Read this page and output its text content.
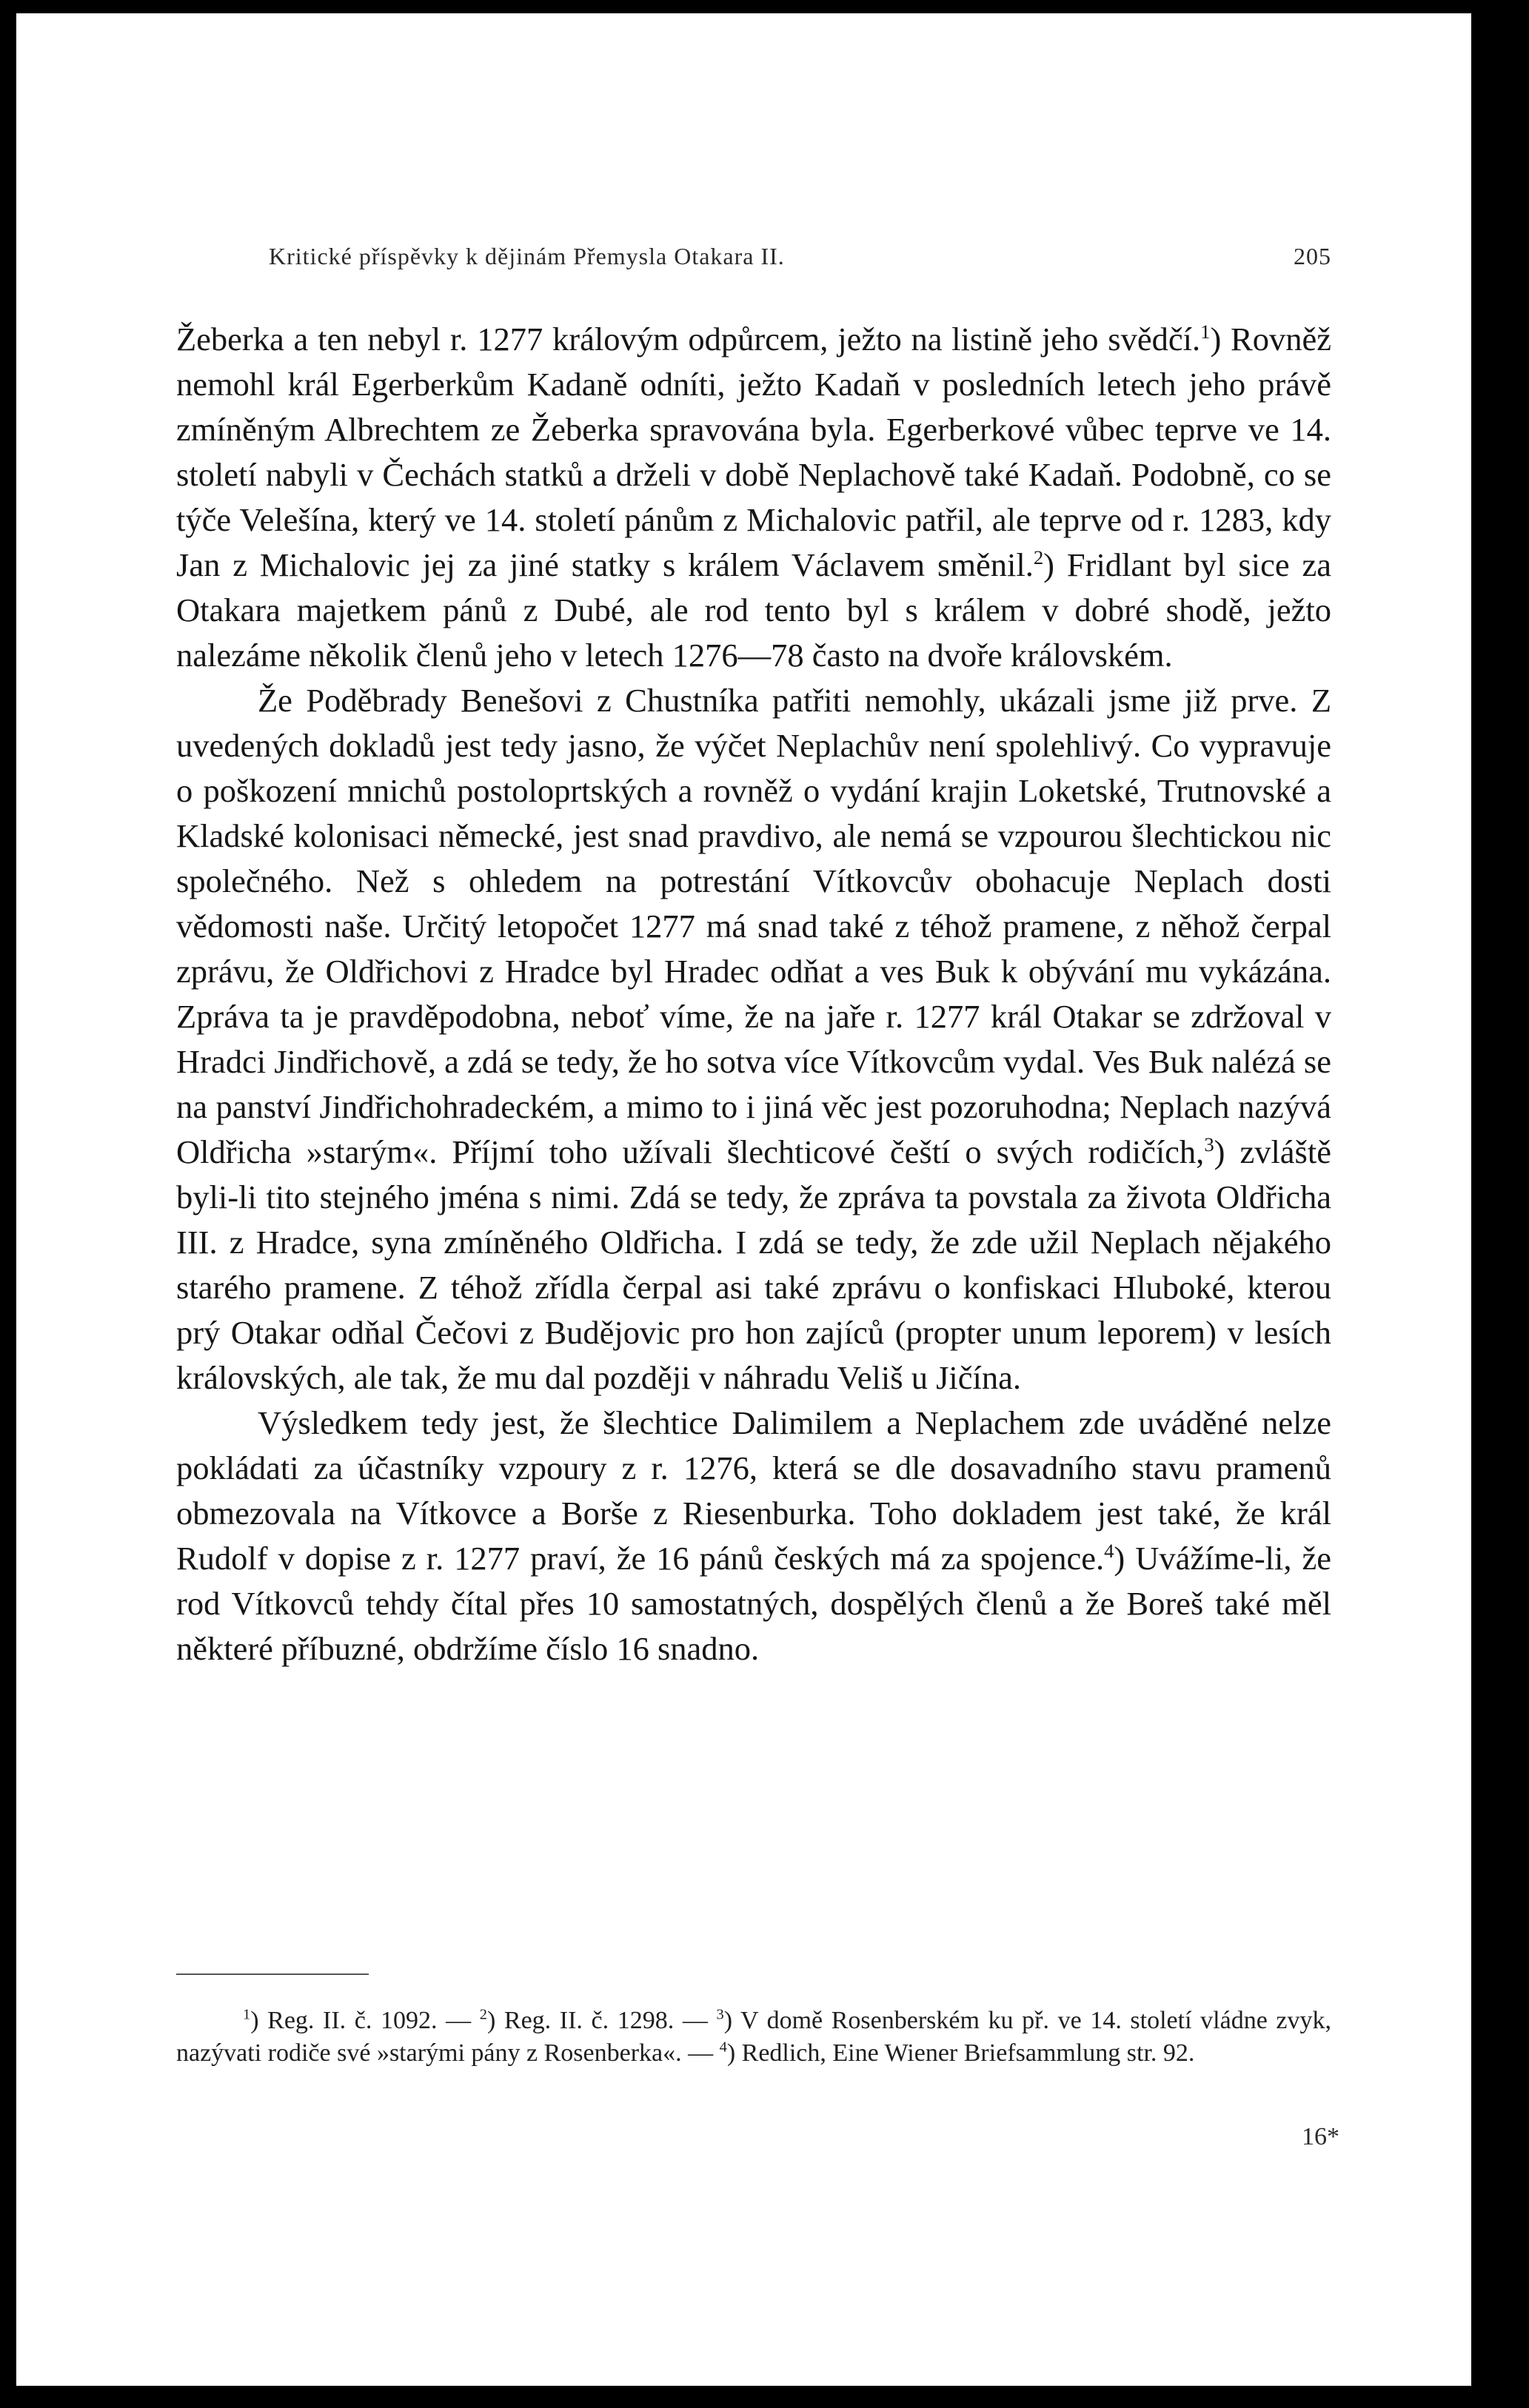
Kritické příspěvky k dějinám Přemysla Otakara II.	205

Žeberka a ten nebyl r. 1277 královým odpůrcem, ježto na listině jeho svědčí.$^1$) Rovněž nemohl král Egerberkům Kadaně odníti, ježto Kadaň v posledních letech jeho právě zmíněným Albrechtem ze Žeberka spravována byla. Egerberkové vůbec teprve ve 14. století nabyli v Čechách statků a drželi v době Neplachově také Kadaň. Podobně, co se týče Velešína, který ve 14. století pánům z Michalovic patřil, ale teprve od r. 1283, kdy Jan z Michalovic jej za jiné statky s králem Václavem směnil.$^2$) Fridlant byl sice za Otakara majetkem pánů z Dubé, ale rod tento byl s králem v dobré shodě, ježto nalezáme několik členů jeho v letech 1276—78 často na dvoře královském.

Že Poděbrady Benešovi z Chustníka patřiti nemohly, ukázali jsme již prve. Z uvedených dokladů jest tedy jasno, že výčet Neplachův není spolehlivý. Co vypravuje o poškození mnichů postoloprtských a rovněž o vydání krajin Loketské, Trutnovské a Kladské kolonisaci německé, jest snad pravdivo, ale nemá se vzpourou šlechtickou nic společného. Než s ohledem na potrestání Vítkovcův obohacuje Neplach dosti vědomosti naše. Určitý letopočet 1277 má snad také z téhož pramene, z něhož čerpal zprávu, že Oldřichovi z Hradce byl Hradec odňat a ves Buk k obývání mu vykázána. Zpráva ta je pravděpodobna, neboť víme, že na jaře r. 1277 král Otakar se zdržoval v Hradci Jindřichově, a zdá se tedy, že ho sotva více Vítkovcům vydal. Ves Buk nalézá se na panství Jindřichohradeckém, a mimo to i jiná věc jest pozoruhodna; Neplach nazývá Oldřicha »starým«. Příjmí toho užívali šlechticové čeští o svých rodičích,$^3$) zvláště byli-li tito stejného jména s nimi. Zdá se tedy, že zpráva ta povstala za života Oldřicha III. z Hradce, syna zmíněného Oldřicha. I zdá se tedy, že zde užil Neplach nějakého starého pramene. Z téhož zřídla čerpal asi také zprávu o konfiskaci Hluboké, kterou prý Otakar odňal Čečovi z Budějovic pro hon zajíců (propter unum leporem) v lesích královských, ale tak, že mu dal později v náhradu Veliš u Jičína.

Výsledkem tedy jest, že šlechtice Dalimilem a Neplachem zde uváděné nelze pokládati za účastníky vzpoury z r. 1276, která se dle dosavadního stavu pramenů obmezovala na Vítkovce a Borše z Riesenburka. Toho dokladem jest také, že král Rudolf v dopise z r. 1277 praví, že 16 pánů českých má za spojence.$^4$) Uvážíme-li, že rod Vítkovců tehdy čítal přes 10 samostatných, dospělých členů a že Boreš také měl některé příbuzné, obdržíme číslo 16 snadno.

$^1$) Reg. II. č. 1092. — $^2$) Reg. II. č. 1298. — $^3$) V domě Rosenberském ku př. ve 14. století vládne zvyk, nazývati rodiče své »starými pány z Rosenberka«. — $^4$) Redlich, Eine Wiener Briefsammlung str. 92.

16*
